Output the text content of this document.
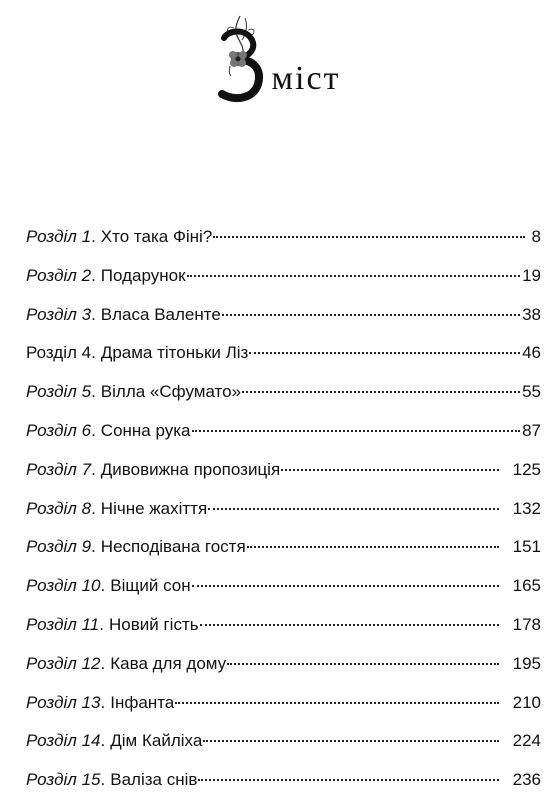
міст
Розділ 1 . Хто така Фіні?	8
Розділ 2 . Подарунок	19
Розділ 3 . Власа Валенте	38
Розділ 4 . Драма тітоньки Ліз	46
Розділ 5 . Вілла «Сфумато»	55
Розділ 6 . Сонна рука	87
Розділ 7 . Дивовижна пропозиція	125
Розділ 8 . Нічне жахіття	132
Розділ 9 . Несподівана гостя	151
Розділ 10 . Віщий сон	165
Розділ 11 . Новий гість	178
Розділ 12 . Кава для дому	195
Розділ 13 . Інфанта	210
Розділ 14 . Дім Кайліха	224
Розділ 15 . Валіза снів	236
